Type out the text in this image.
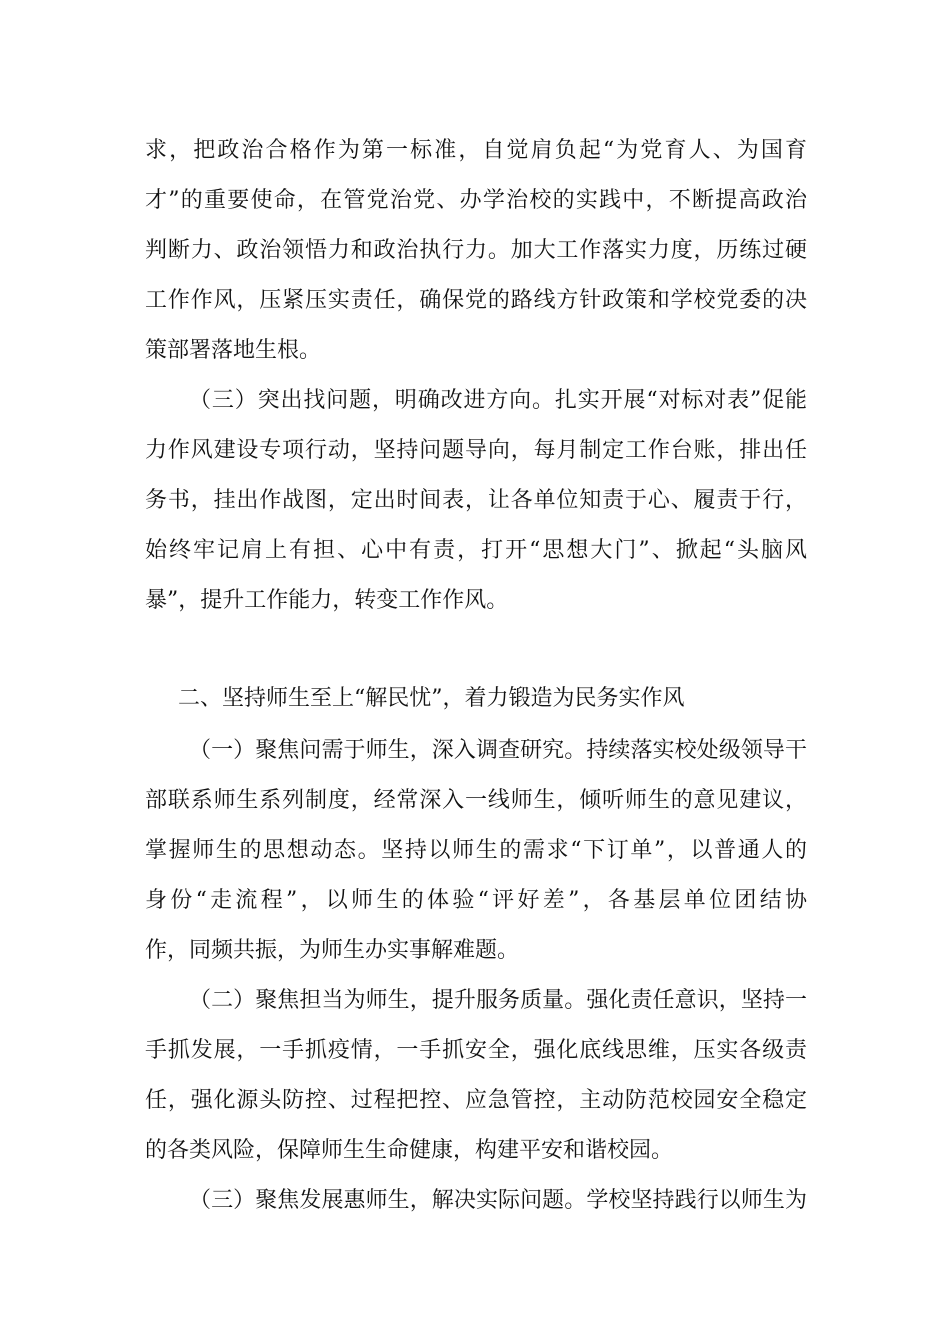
求，把政治合格作为第一标准，自觉肩负起“为党育人、为国育
才”的重要使命，在管党治党、办学治校的实践中，不断提高政治
判断力、政治领悟力和政治执行力。加大工作落实力度，历练过硬
工作作风，压紧压实责任，确保党的路线方针政策和学校党委的决
策部署落地生根。
（三）突出找问题，明确改进方向。扎实开展“对标对表”促能
力作风建设专项行动，坚持问题导向，每月制定工作台账，排出任
务书，挂出作战图，定出时间表，让各单位知责于心、履责于行，
始终牢记肩上有担、心中有责，打开“思想大门”、掀起“头脑风
暴”，提升工作能力，转变工作作风。
二、坚持师生至上“解民忧”，着力锻造为民务实作风
（一）聚焦问需于师生，深入调查研究。持续落实校处级领导干
部联系师生系列制度，经常深入一线师生，倾听师生的意见建议，
掌握师生的思想动态。坚持以师生的需求“下订单”，以普通人的
身份“走流程”，以师生的体验“评好差”，各基层单位团结协
作，同频共振，为师生办实事解难题。
（二）聚焦担当为师生，提升服务质量。强化责任意识，坚持一
手抓发展，一手抓疫情，一手抓安全，强化底线思维，压实各级责
任，强化源头防控、过程把控、应急管控，主动防范校园安全稳定
的各类风险，保障师生生命健康，构建平安和谐校园。
（三）聚焦发展惠师生，解决实际问题。学校坚持践行以师生为
